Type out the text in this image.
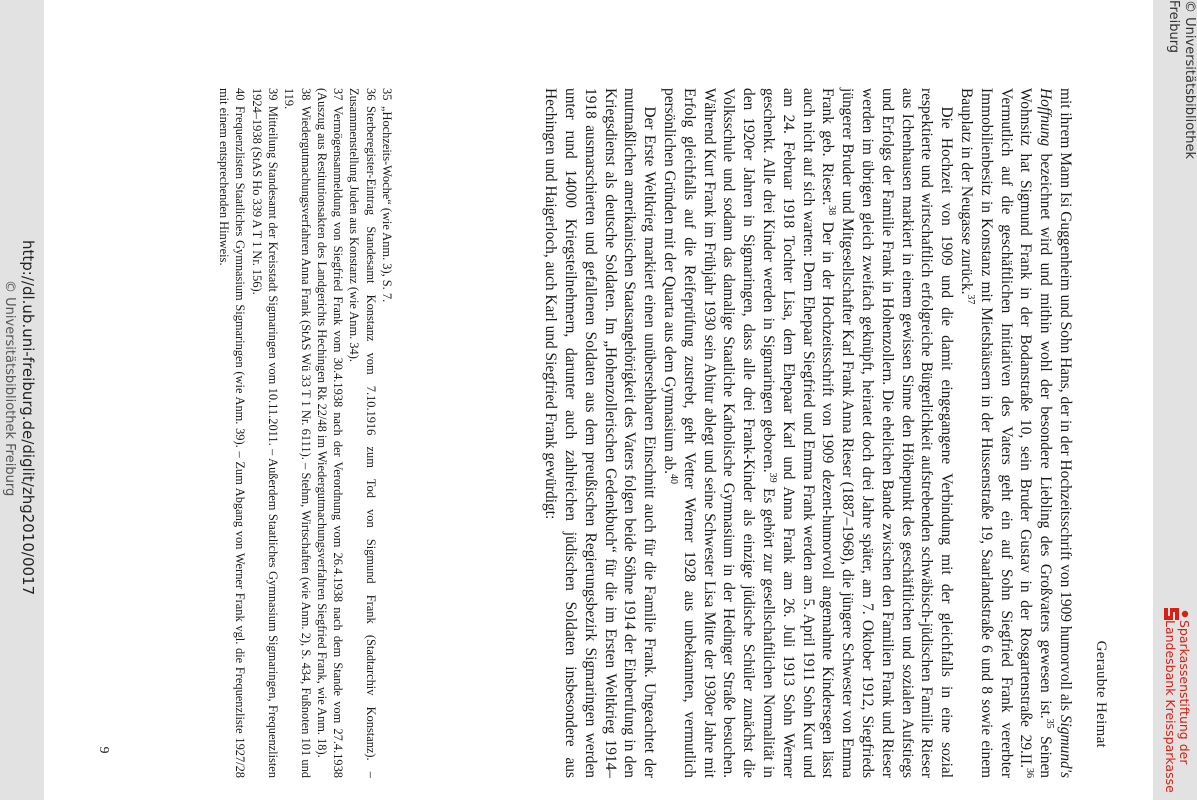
© Universitätsbibliothek Freiburg
Sparkassenstiftung der Landesbank Kreissparkasse
Geraubte Heimat

mit ihrem Mann Isi Guggenheim und Sohn Hans, der in der Hochzeitsschrift von 1909 humorvoll als Sigmund's Hoffnung bezeichnet wird und mithin wohl der besondere Liebling des Großvaters gewesen ist.$^{35}$ Seinen Wohnsitz hat Sigmund Frank in der Bodanstraße 10, sein Bruder Gustav in der Rosgartenstraße 29.II.$^{36}$ Vermutlich auf die geschäftlichen Initiativen des Vaters geht ein auf Sohn Siegfried Frank vererbter Immobilienbesitz in Konstanz mit Mietshäusern in der Hussenstraße 19, Saarlandstraße 6 und 8 sowie einem Bauplatz in der Neugasse zurück.$^{37}$

Die Hochzeit von 1909 und die damit eingegangene Verbindung mit der gleichfalls in eine sozial respektierte und wirtschaftlich erfolgreiche Bürgerlichkeit aufstrebenden schwäbisch-jüdischen Familie Rieser aus Ichenhausen markiert in einem gewissen Sinne den Höhepunkt des geschäftlichen und sozialen Aufstiegs und Erfolgs der Familie Frank in Hohenzollern. Die ehelichen Bande zwischen den Familien Frank und Rieser werden im übrigen gleich zweifach geknüpft, heiratet doch drei Jahre später, am 7. Oktober 1912, Siegfrieds jüngerer Bruder und Mitgesellschafter Karl Frank Anna Rieser (1887–1968), die jüngere Schwester von Emma Frank geb. Rieser.$^{38}$ Der in der Hochzeitsschrift von 1909 dezent-humorvoll angemahnte Kindersegen lässt auch nicht auf sich warten: Dem Ehepaar Siegfried und Emma Frank werden am 5. April 1911 Sohn Kurt und am 24. Februar 1918 Tochter Lisa, dem Ehepaar Karl und Anna Frank am 26. Juli 1913 Sohn Werner geschenkt. Alle drei Kinder werden in Sigmaringen geboren.$^{39}$ Es gehört zur gesellschaftlichen Normalität in den 1920er Jahren in Sigmaringen, dass alle drei Frank-Kinder als einzige jüdische Schüler zunächst die Volksschule und sodann das damalige Staatliche Katholische Gymnasium in der Hedinger Straße besuchen. Während Kurt Frank im Frühjahr 1930 sein Abitur ablegt und seine Schwester Lisa Mitte der 1930er Jahre mit Erfolg gleichfalls auf die Reifeprüfung zustrebt, geht Vetter Werner 1928 aus unbekannten, vermutlich persönlichen Gründen mit der Quarta aus dem Gymnasium ab.$^{40}$

Der Erste Weltkrieg markiert einen unübersehbaren Einschnitt auch für die Familie Frank. Ungeachtet der mutmaßlichen amerikanischen Staatsangehörigkeit des Vaters folgen beide Söhne 1914 der Einberufung in den Kriegsdienst als deutsche Soldaten. Im „Hohenzollerischen Gedenkbuch“ für die im Ersten Weltkrieg 1914–1918 ausmarschierten und gefallenen Soldaten aus dem preußischen Regierungsbezirk Sigmaringen werden unter rund 14000 Kriegsteilnehmern, darunter auch zahlreichen jüdischen Soldaten insbesondere aus Hechingen und Haigerloch, auch Karl und Siegfried Frank gewürdigt:

35„Hochzeits-Woche“ (wie Anm. 3), S. 7.

36Sterberegister-Eintrag Standesamt Konstanz vom 7.10.1916 zum Tod von Sigmund Frank (Stadtarchiv Konstanz). – Zusammenstellung Juden aus Konstanz (wie Anm. 34).

37Vermögensanmeldung von Siegfried Frank vom 30.4.1938 nach der Verordnung vom 26.4.1938 nach dem Stande vom 27.4.1938 (Auszug aus Restitutionsakten des Landgerichts Hechingen Rk 22/48 im Wiedergutmachungsverfahren Siegfried Frank, wie Anm. 18).

38Wiedergutmachungsverfahren Anna Frank (StAS Wü 33 T 1 Nr. 6111). – Stehm, Wirtschaften (wie Anm. 2), S. 434, Fußnoten 101 und 119.

39Mitteilung Standesamt der Kreisstadt Sigmaringen vom 10.11.2011. – Außerdem Staatliches Gymnasium Sigmaringen, Frequenzlisten 1924–1938 (StAS Ho 339 A T 1 Nr. 156).

40Frequenzlisten Staatliches Gymnasium Sigmaringen (wie Anm. 39). – Zum Abgang von Werner Frank vgl. die Frequenzliste 1927/28 mit einem entsprechenden Hinweis.

9
http://dl.ub.uni-freiburg.de/diglit/zhg2010/0017
© Universitätsbibliothek Freiburg
